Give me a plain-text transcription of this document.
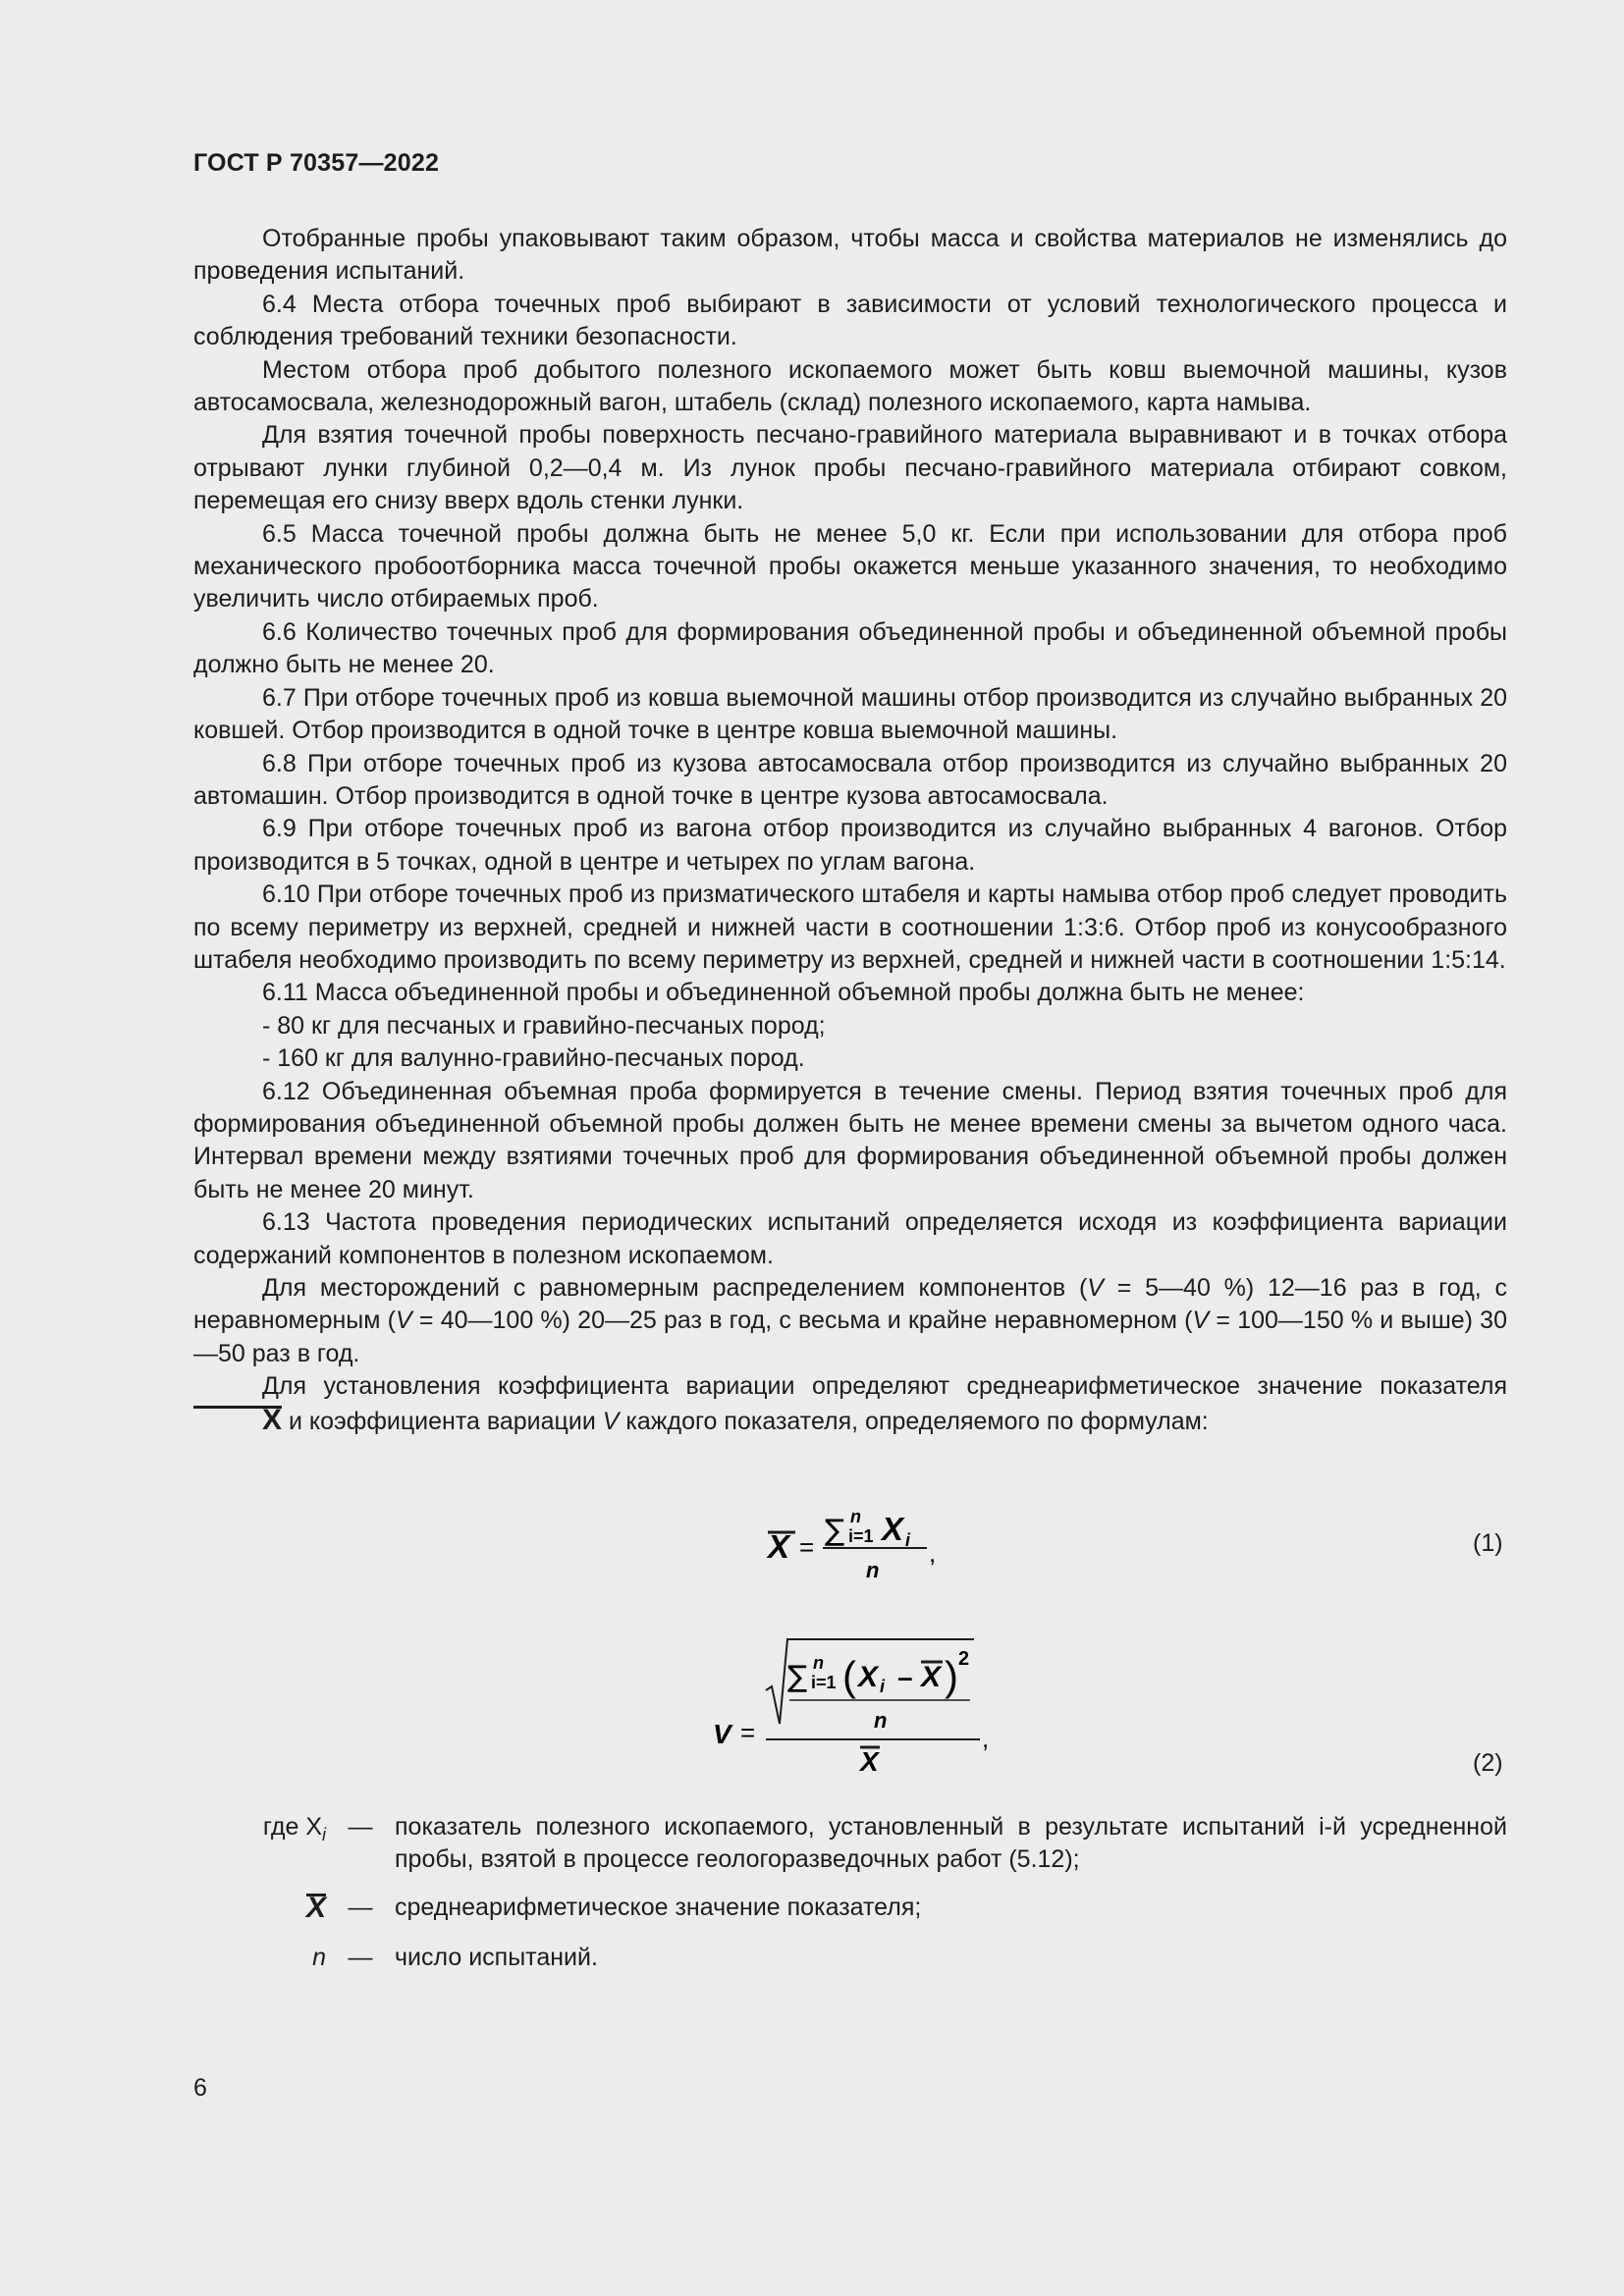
ГОСТ Р 70357—2022

Отобранные пробы упаковывают таким образом, чтобы масса и свойства материалов не изменялись до проведения испытаний.

6.4 Места отбора точечных проб выбирают в зависимости от условий технологического процесса и соблюдения требований техники безопасности.

Местом отбора проб добытого полезного ископаемого может быть ковш выемочной машины, кузов автосамосвала, железнодорожный вагон, штабель (склад) полезного ископаемого, карта намыва.

Для взятия точечной пробы поверхность песчано-гравийного материала выравнивают и в точках отбора отрывают лунки глубиной 0,2—0,4 м. Из лунок пробы песчано-гравийного материала отбирают совком, перемещая его снизу вверх вдоль стенки лунки.

6.5 Масса точечной пробы должна быть не менее 5,0 кг. Если при использовании для отбора проб механического пробоотборника масса точечной пробы окажется меньше указанного значения, то необходимо увеличить число отбираемых проб.

6.6 Количество точечных проб для формирования объединенной пробы и объединенной объемной пробы должно быть не менее 20.

6.7 При отборе точечных проб из ковша выемочной машины отбор производится из случайно выбранных 20 ковшей. Отбор производится в одной точке в центре ковша выемочной машины.

6.8 При отборе точечных проб из кузова автосамосвала отбор производится из случайно выбранных 20 автомашин. Отбор производится в одной точке в центре кузова автосамосвала.

6.9 При отборе точечных проб из вагона отбор производится из случайно выбранных 4 вагонов. Отбор производится в 5 точках, одной в центре и четырех по углам вагона.

6.10 При отборе точечных проб из призматического штабеля и карты намыва отбор проб следует проводить по всему периметру из верхней, средней и нижней части в соотношении 1:3:6. Отбор проб из конусообразного штабеля необходимо производить по всему периметру из верхней, средней и нижней части в соотношении 1:5:14.

6.11 Масса объединенной пробы и объединенной объемной пробы должна быть не менее:

- 80 кг для песчаных и гравийно-песчаных пород;

- 160 кг для валунно-гравийно-песчаных пород.

6.12 Объединенная объемная проба формируется в течение смены. Период взятия точечных проб для формирования объединенной объемной пробы должен быть не менее времени смены за вычетом одного часа. Интервал времени между взятиями точечных проб для формирования объединенной объемной пробы должен быть не менее 20 минут.

6.13 Частота проведения периодических испытаний определяется исходя из коэффициента вариации содержаний компонентов в полезном ископаемом.

Для месторождений с равномерным распределением компонентов (V = 5—40 %) 12—16 раз в год, с неравномерным (V = 40—100 %) 20—25 раз в год, с весьма и крайне неравномерном (V = 100—150 % и выше) 30—50 раз в год.

Для установления коэффициента вариации определяют среднеарифметическое значение показателя X и коэффициента вариации V каждого показателя, определяемого по формулам:

X = ∑ n
i=1 X i
n
,	(1)
V =
∑ n
i=1 ( X i – X ) 2
n
X
,
(2)
где $X_i$ — показатель полезного ископаемого, установленный в результате испытаний i-й усредненной пробы, взятой в процессе геологоразведочных работ (5.12);
X — среднеарифметическое значение показателя;
n — число испытаний.
6
